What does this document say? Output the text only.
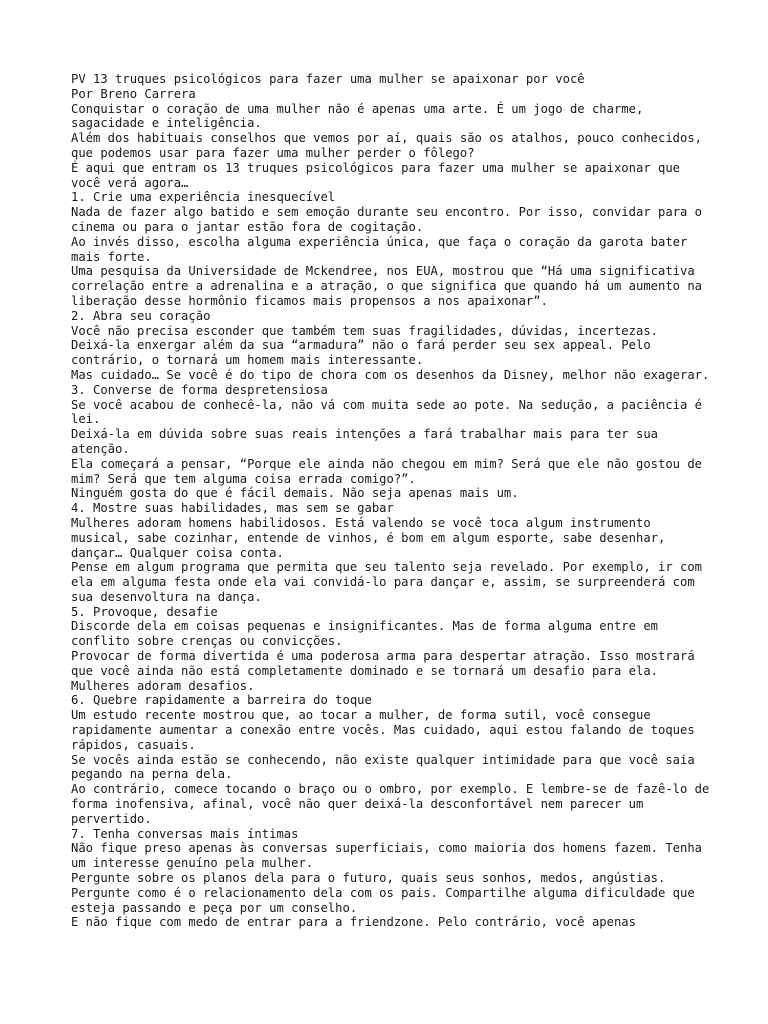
PV 13 truques psicológicos para fazer uma mulher se apaixonar por você

Por Breno Carrera

Conquistar o coração de uma mulher não é apenas uma arte. É um jogo de charme, sagacidade e inteligência.

Além dos habituais conselhos que vemos por aí, quais são os atalhos, pouco conhecidos, que podemos usar para fazer uma mulher perder o fôlego?

É aqui que entram os 13 truques psicológicos para fazer uma mulher se apaixonar que você verá agora…

1. Crie uma experiência inesquecível

Nada de fazer algo batido e sem emoção durante seu encontro. Por isso, convidar para o cinema ou para o jantar estão fora de cogitação.

Ao invés disso, escolha alguma experiência única, que faça o coração da garota bater mais forte.

Uma pesquisa da Universidade de Mckendree, nos EUA, mostrou que “Há uma significativa correlação entre a adrenalina e a atração, o que significa que quando há um aumento na liberação desse hormônio ficamos mais propensos a nos apaixonar”.

2. Abra seu coração

Você não precisa esconder que também tem suas fragilidades, dúvidas, incertezas.

Deixá-la enxergar além da sua “armadura” não o fará perder seu sex appeal. Pelo contrário, o tornará um homem mais interessante.

Mas cuidado… Se você é do tipo de chora com os desenhos da Disney, melhor não exagerar.

3. Converse de forma despretensiosa

Se você acabou de conhecê-la, não vá com muita sede ao pote. Na sedução, a paciência é lei.

Deixá-la em dúvida sobre suas reais intenções a fará trabalhar mais para ter sua atenção.

Ela começará a pensar, “Porque ele ainda não chegou em mim? Será que ele não gostou de mim? Será que tem alguma coisa errada comigo?”.

Ninguém gosta do que é fácil demais. Não seja apenas mais um.

4. Mostre suas habilidades, mas sem se gabar

Mulheres adoram homens habilidosos. Está valendo se você toca algum instrumento musical, sabe cozinhar, entende de vinhos, é bom em algum esporte, sabe desenhar, dançar… Qualquer coisa conta.

Pense em algum programa que permita que seu talento seja revelado. Por exemplo, ir com ela em alguma festa onde ela vai convidá-lo para dançar e, assim, se surpreenderá com sua desenvoltura na dança.

5. Provoque, desafie

Discorde dela em coisas pequenas e insignificantes. Mas de forma alguma entre em conflito sobre crenças ou convicções.

Provocar de forma divertida é uma poderosa arma para despertar atração. Isso mostrará que você ainda não está completamente dominado e se tornará um desafio para ela. Mulheres adoram desafios.

6. Quebre rapidamente a barreira do toque

Um estudo recente mostrou que, ao tocar a mulher, de forma sutil, você consegue rapidamente aumentar a conexão entre vocês. Mas cuidado, aqui estou falando de toques rápidos, casuais.

Se vocês ainda estão se conhecendo, não existe qualquer intimidade para que você saia pegando na perna dela.

Ao contrário, comece tocando o braço ou o ombro, por exemplo. E lembre-se de fazê-lo de forma inofensiva, afinal, você não quer deixá-la desconfortável nem parecer um pervertido.

7. Tenha conversas mais íntimas

Não fique preso apenas às conversas superficiais, como maioria dos homens fazem. Tenha um interesse genuíno pela mulher.

Pergunte sobre os planos dela para o futuro, quais seus sonhos, medos, angústias.

Pergunte como é o relacionamento dela com os pais. Compartilhe alguma dificuldade que esteja passando e peça por um conselho.

E não fique com medo de entrar para a friendzone. Pelo contrário, você apenas
